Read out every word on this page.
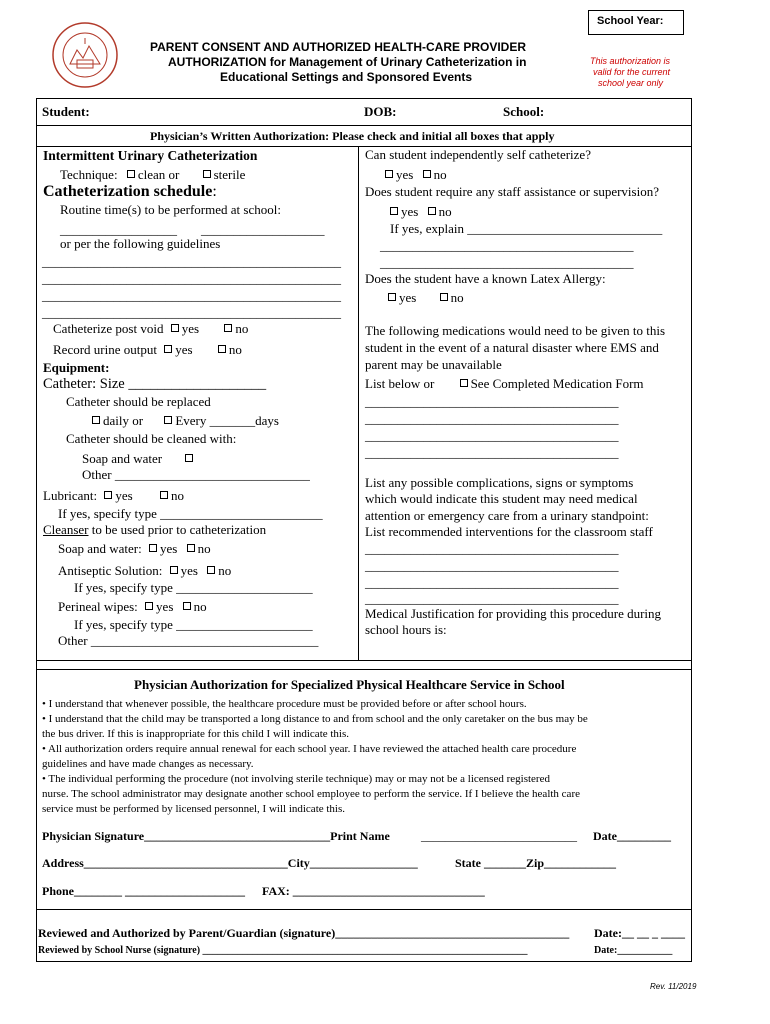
PARENT CONSENT AND AUTHORIZED HEALTH-CARE PROVIDER
AUTHORIZATION for Management of Urinary Catheterization in
Educational Settings and Sponsored Events
School Year:
This authorization is
valid for the current
school year only
Student:	DOB:	School:
Physician’s Written Authorization: Please check and initial all boxes that apply
Intermittent Urinary Catheterization
Technique: clean or	sterile
Catheterization schedule:
Routine time(s) to be performed at school:
__________________ ___________________
or per the following guidelines
______________________________________________
______________________________________________
______________________________________________
______________________________________________
Catheterize post void yes	no
Record urine output yes	no
Equipment:
Catheter: Size ___________________
Catheter should be replaced
daily or Every _______days
Catheter should be cleaned with:
Soap and water
Other ______________________________
Lubricant: yes	no
If yes, specify type _________________________
Cleanser to be used prior to catheterization
Soap and water: yes no
Antiseptic Solution: yes no
If yes, specify type _____________________
Perineal wipes: yes no
If yes, specify type _____________________
Other ___________________________________
Can student independently self catheterize?
yes no
Does student require any staff assistance or supervision?
yes no
If yes, explain ______________________________
_______________________________________
_______________________________________
Does the student have a known Latex Allergy:
yes	no
The following medications would need to be given to this
student in the event of a natural disaster where EMS and
parent may be unavailable
List below or	See Completed Medication Form
_______________________________________
_______________________________________
_______________________________________
_______________________________________
List any possible complications, signs or symptoms
which would indicate this student may need medical
attention or emergency care from a urinary standpoint:
List recommended interventions for the classroom staff
_______________________________________
_______________________________________
_______________________________________
_______________________________________
Medical Justification for providing this procedure during
school hours is:
Physician Authorization for Specialized Physical Healthcare Service in School
• I understand that whenever possible, the healthcare procedure must be provided before or after school hours.
• I understand that the child may be transported a long distance to and from school and the only caretaker on the bus may be
the bus driver. If this is inappropriate for this child I will indicate this.
• All authorization orders require annual renewal for each school year. I have reviewed the attached health care procedure
guidelines and have made changes as necessary.
• The individual performing the procedure (not involving sterile technique) may or may not be a licensed registered
nurse. The school administrator may designate another school employee to perform the service. If I believe the health care
service must be performed by licensed personnel, I will indicate this.
Physician Signature_______________________________Print Name	__________________________ Date_________
Address__________________________________City__________________	State _______Zip____________
Phone________ ____________________ FAX: ________________________________
Reviewed and Authorized by Parent/Guardian (signature)_______________________________________ Date:__ __ _ ____
Reviewed by School Nurse (signature) _________________________________________________________________	Date:___________
Rev. 11/2019
